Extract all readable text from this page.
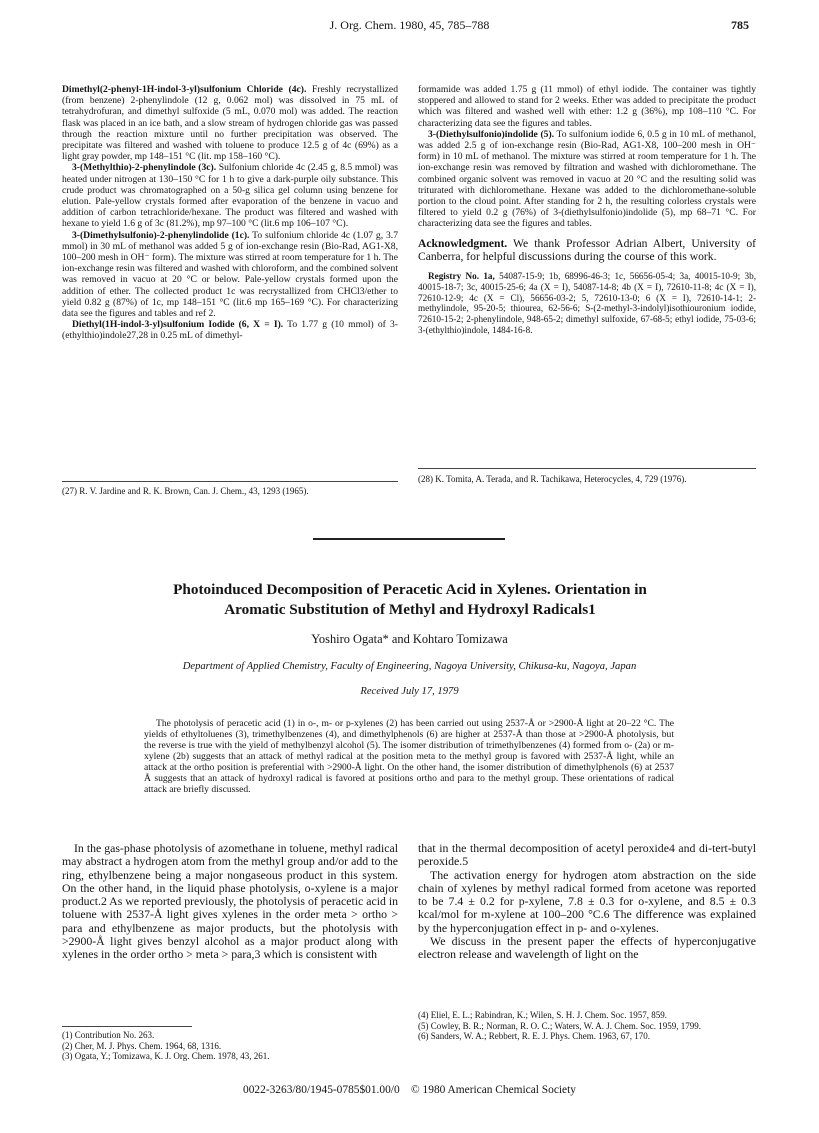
J. Org. Chem. 1980, 45, 785–788	785

Dimethyl(2-phenyl-1H-indol-3-yl)sulfonium Chloride (4c). Freshly recrystallized (from benzene) 2-phenylindole (12 g, 0.062 mol) was dissolved in 75 mL of tetrahydrofuran, and dimethyl sulfoxide (5 mL, 0.070 mol) was added. The reaction flask was placed in an ice bath, and a slow stream of hydrogen chloride gas was passed through the reaction mixture until no further precipitation was observed. The precipitate was filtered and washed with toluene to produce 12.5 g of 4c (69%) as a light gray powder, mp 148–151 °C (lit. mp 158–160 °C).

3-(Methylthio)-2-phenylindole (3c). Sulfonium chloride 4c (2.45 g, 8.5 mmol) was heated under nitrogen at 130–150 °C for 1 h to give a dark-purple oily substance. This crude product was chromatographed on a 50-g silica gel column using benzene for elution. Pale-yellow crystals formed after evaporation of the benzene in vacuo and addition of carbon tetrachloride/hexane. The product was filtered and washed with hexane to yield 1.6 g of 3c (81.2%), mp 97–100 °C (lit.6 mp 106–107 °C).

3-(Dimethylsulfonio)-2-phenylindolide (1c). To sulfonium chloride 4c (1.07 g, 3.7 mmol) in 30 mL of methanol was added 5 g of ion-exchange resin (Bio-Rad, AG1-X8, 100–200 mesh in OH⁻ form). The mixture was stirred at room temperature for 1 h. The ion-exchange resin was filtered and washed with chloroform, and the combined solvent was removed in vacuo at 20 °C or below. Pale-yellow crystals formed upon the addition of ether. The collected product 1c was recrystallized from CHCl3/ether to yield 0.82 g (87%) of 1c, mp 148–151 °C (lit.6 mp 165–169 °C). For characterizing data see the figures and tables and ref 2.

Diethyl(1H-indol-3-yl)sulfonium Iodide (6, X = I). To 1.77 g (10 mmol) of 3-(ethylthio)indole27,28 in 0.25 mL of dimethyl-

(27) R. V. Jardine and R. K. Brown, Can. J. Chem., 43, 1293 (1965).

formamide was added 1.75 g (11 mmol) of ethyl iodide. The container was tightly stoppered and allowed to stand for 2 weeks. Ether was added to precipitate the product which was filtered and washed well with ether: 1.2 g (36%), mp 108–110 °C. For characterizing data see the figures and tables.

3-(Diethylsulfonio)indolide (5). To sulfonium iodide 6, 0.5 g in 10 mL of methanol, was added 2.5 g of ion-exchange resin (Bio-Rad, AG1-X8, 100–200 mesh in OH⁻ form) in 10 mL of methanol. The mixture was stirred at room temperature for 1 h. The ion-exchange resin was removed by filtration and washed with dichloromethane. The combined organic solvent was removed in vacuo at 20 °C and the resulting solid was triturated with dichloromethane. Hexane was added to the dichloromethane-soluble portion to the cloud point. After standing for 2 h, the resulting colorless crystals were filtered to yield 0.2 g (76%) of 3-(diethylsulfonio)indolide (5), mp 68–71 °C. For characterizing data see the figures and tables.

Acknowledgment. We thank Professor Adrian Albert, University of Canberra, for helpful discussions during the course of this work.

Registry No. 1a, 54087-15-9; 1b, 68996-46-3; 1c, 56656-05-4; 3a, 40015-10-9; 3b, 40015-18-7; 3c, 40015-25-6; 4a (X = I), 54087-14-8; 4b (X = I), 72610-11-8; 4c (X = I), 72610-12-9; 4c (X = Cl), 56656-03-2; 5, 72610-13-0; 6 (X = I), 72610-14-1; 2-methylindole, 95-20-5; thiourea, 62-56-6; S-(2-methyl-3-indolyl)isothiouronium iodide, 72610-15-2; 2-phenylindole, 948-65-2; dimethyl sulfoxide, 67-68-5; ethyl iodide, 75-03-6; 3-(ethylthio)indole, 1484-16-8.

(28) K. Tomita, A. Terada, and R. Tachikawa, Heterocycles, 4, 729 (1976).
Photoinduced Decomposition of Peracetic Acid in Xylenes. Orientation in
Aromatic Substitution of Methyl and Hydroxyl Radicals1
Yoshiro Ogata* and Kohtaro Tomizawa
Department of Applied Chemistry, Faculty of Engineering, Nagoya University, Chikusa-ku, Nagoya, Japan
Received July 17, 1979
The photolysis of peracetic acid (1) in o-, m- or p-xylenes (2) has been carried out using 2537-Å or >2900-Å light at 20–22 °C. The yields of ethyltoluenes (3), trimethylbenzenes (4), and dimethylphenols (6) are higher at 2537-Å than those at >2900-Å photolysis, but the reverse is true with the yield of methylbenzyl alcohol (5). The isomer distribution of trimethylbenzenes (4) formed from o- (2a) or m-xylene (2b) suggests that an attack of methyl radical at the position meta to the methyl group is favored with 2537-Å light, while an attack at the ortho position is preferential with >2900-Å light. On the other hand, the isomer distribution of dimethylphenols (6) at 2537 Å suggests that an attack of hydroxyl radical is favored at positions ortho and para to the methyl group. These orientations of radical attack are briefly discussed.

In the gas-phase photolysis of azomethane in toluene, methyl radical may abstract a hydrogen atom from the methyl group and/or add to the ring, ethylbenzene being a major nongaseous product in this system. On the other hand, in the liquid phase photolysis, o-xylene is a major product.2 As we reported previously, the photolysis of peracetic acid in toluene with 2537-Å light gives xylenes in the order meta > ortho > para and ethylbenzene as major products, but the photolysis with >2900-Å light gives benzyl alcohol as a major product along with xylenes in the order ortho > meta > para,3 which is consistent with

that in the thermal decomposition of acetyl peroxide4 and di-tert-butyl peroxide.5

The activation energy for hydrogen atom abstraction on the side chain of xylenes by methyl radical formed from acetone was reported to be 7.4 ± 0.2 for p-xylene, 7.8 ± 0.3 for o-xylene, and 8.5 ± 0.3 kcal/mol for m-xylene at 100–200 °C.6 The difference was explained by the hyperconjugation effect in p- and o-xylenes.

We discuss in the present paper the effects of hyperconjugative electron release and wavelength of light on the

(1) Contribution No. 263.
(2) Cher, M. J. Phys. Chem. 1964, 68, 1316.
(3) Ogata, Y.; Tomizawa, K. J. Org. Chem. 1978, 43, 261.
(4) Eliel, E. L.; Rabindran, K.; Wilen, S. H. J. Chem. Soc. 1957, 859.
(5) Cowley, B. R.; Norman, R. O. C.; Waters, W. A. J. Chem. Soc. 1959, 1799.
(6) Sanders, W. A.; Rebbert, R. E. J. Phys. Chem. 1963, 67, 170.
0022-3263/80/1945-0785$01.00/0 © 1980 American Chemical Society
